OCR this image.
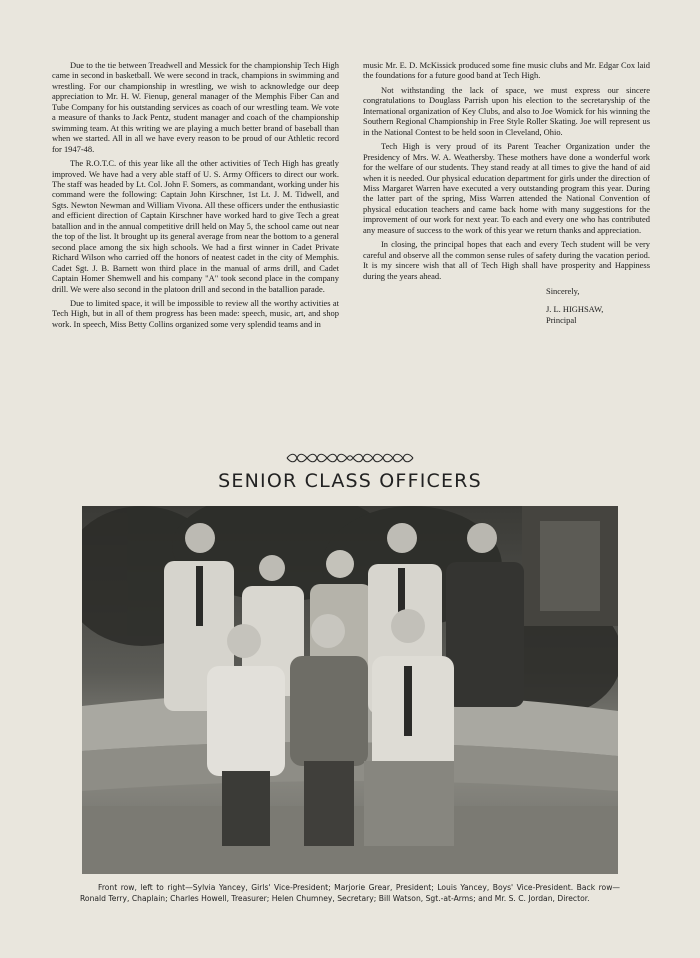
Due to the tie between Treadwell and Messick for the championship Tech High came in second in basketball. We were second in track, champions in swimming and wrestling. For our championship in wrestling, we wish to acknowledge our deep appreciation to Mr. H. W. Fienup, general manager of the Memphis Fiber Can and Tube Company for his outstanding services as coach of our wrestling team. We vote a measure of thanks to Jack Pentz, student manager and coach of the championship swimming team. At this writing we are playing a much better brand of baseball than when we started. All in all we have every reason to be proud of our Athletic record for 1947-48.

The R.O.T.C. of this year like all the other activities of Tech High has greatly improved. We have had a very able staff of U. S. Army Officers to direct our work. The staff was headed by Lt. Col. John F. Somers, as commandant, working under his command were the following: Captain John Kirschner, 1st Lt. J. M. Tidwell, and Sgts. Newton Newman and William Vivona. All these officers under the enthusiastic and efficient direction of Captain Kirschner have worked hard to give Tech a great batallion and in the annual competitive drill held on May 5, the school came out near the top of the list. It brought up its general average from near the bottom to a general second place among the six high schools. We had a first winner in Cadet Private Richard Wilson who carried off the honors of neatest cadet in the city of Memphis. Cadet Sgt. J. B. Barnett won third place in the manual of arms drill, and Cadet Captain Homer Shemwell and his company "A" took second place in the company drill. We were also second in the platoon drill and second in the batallion parade.

Due to limited space, it will be impossible to review all the worthy activities at Tech High, but in all of them progress has been made: speech, music, art, and shop work. In speech, Miss Betty Collins organized some very splendid teams and in

music Mr. E. D. McKissick produced some fine music clubs and Mr. Edgar Cox laid the foundations for a future good band at Tech High.

Not withstanding the lack of space, we must express our sincere congratulations to Douglass Parrish upon his election to the secretaryship of the International organization of Key Clubs, and also to Joe Womick for his winning the Southern Regional Championship in Free Style Roller Skating. Joe will represent us in the National Contest to be held soon in Cleveland, Ohio.

Tech High is very proud of its Parent Teacher Organization under the Presidency of Mrs. W. A. Weathersby. These mothers have done a wonderful work for the welfare of our students. They stand ready at all times to give the hand of aid when it is needed. Our physical education department for girls under the direction of Miss Margaret Warren have executed a very outstanding program this year. During the latter part of the spring, Miss Warren attended the National Convention of physical education teachers and came back home with many suggestions for the improvement of our work for next year. To each and every one who has contributed any measure of success to the work of this year we return thanks and appreciation.

In closing, the principal hopes that each and every Tech student will be very careful and observe all the common sense rules of safety during the vacation period. It is my sincere wish that all of Tech High shall have prosperity and Happiness during the years ahead.

Sincerely,
J. L. HIGHSAW,
Principal
SENIOR CLASS OFFICERS
Front row, left to right—Sylvia Yancey, Girls' Vice-President; Marjorie Grear, President; Louis Yancey, Boys' Vice-President. Back row—Ronald Terry, Chaplain; Charles Howell, Treasurer; Helen Chumney, Secretary; Bill Watson, Sgt.-at-Arms; and Mr. S. C. Jordan, Director.
